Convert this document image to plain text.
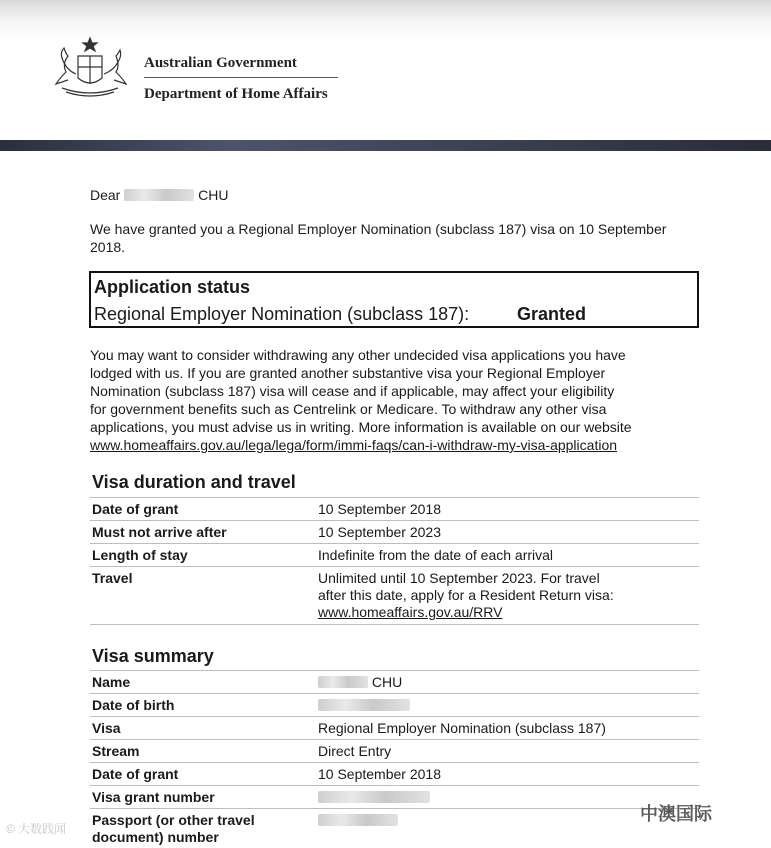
Australian Government
Department of Home Affairs
Dear	CHU
We have granted you a Regional Employer Nomination (subclass 187) visa on 10 September
2018.
Application status
Regional Employer Nomination (subclass 187):	Granted

You may want to consider withdrawing any other undecided visa applications you have

lodged with us. If you are granted another substantive visa your Regional Employer

Nomination (subclass 187) visa will cease and if applicable, may affect your eligibility

for government benefits such as Centrelink or Medicare. To withdraw any other visa

applications, you must advise us in writing. More information is available on our website

www.homeaffairs.gov.au/lega/lega/form/immi-faqs/can-i-withdraw-my-visa-application

Visa duration and travel
Date of grant	10 September 2018
Must not arrive after	10 September 2023
Length of stay	Indefinite from the date of each arrival
Travel	Unlimited until 10 September 2023. For travel
after this date, apply for a Resident Return visa:
www.homeaffairs.gov.au/RRV
Visa summary
Name	CHU
Date of birth
Visa	Regional Employer Nomination (subclass 187)
Stream	Direct Entry
Date of grant	10 September 2018
Visa grant number
Passport (or other travel
document) number
© 大数践闻
中澳国际
